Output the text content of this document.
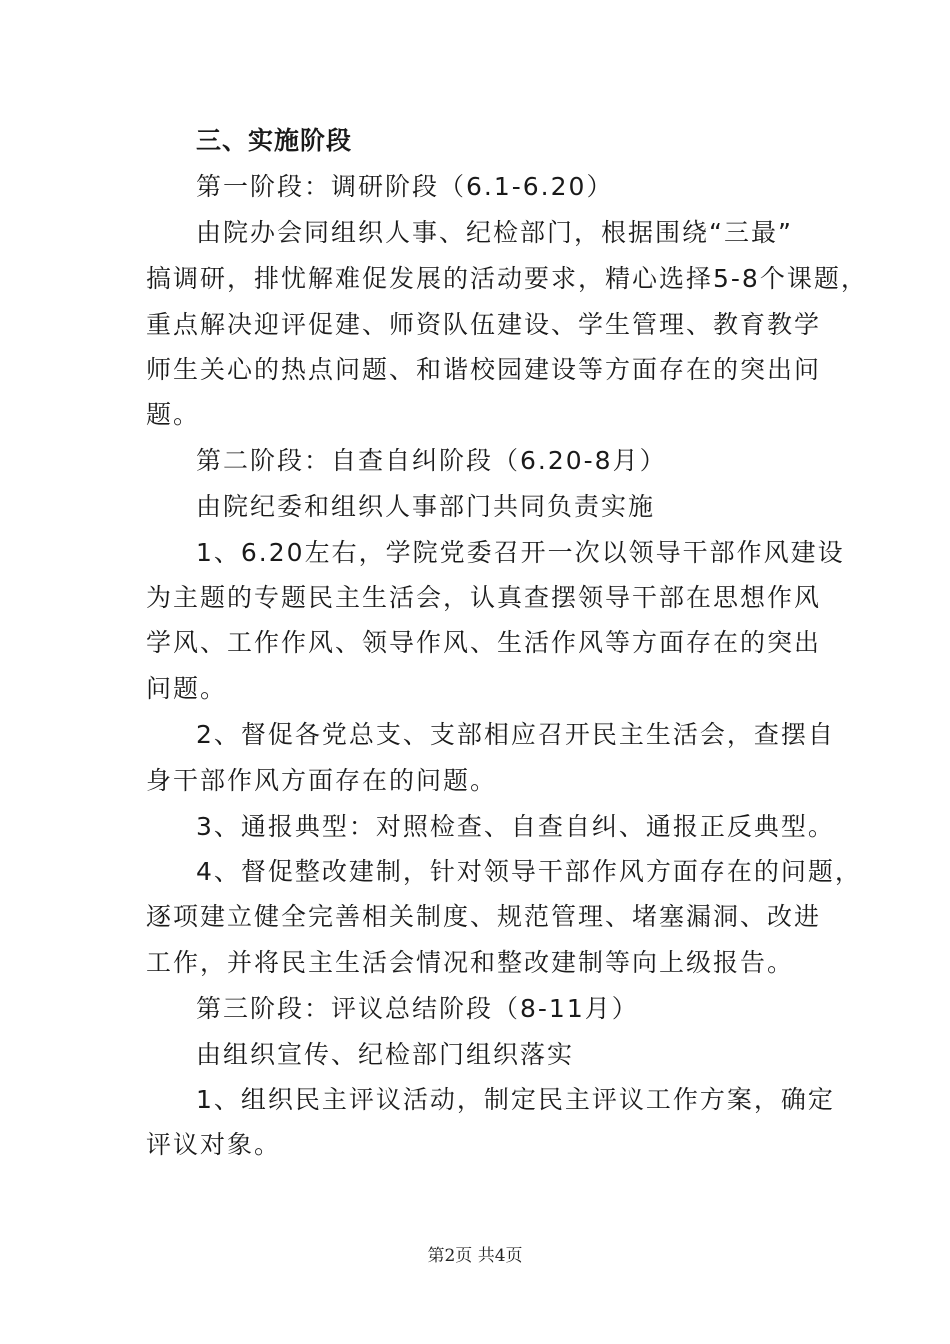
三、实施阶段
第一阶段：调研阶段（6.1-6.20）
由院办会同组织人事、纪检部门，根据围绕“三最”
搞调研，排忧解难促发展的活动要求，精心选择5-8个课题，
重点解决迎评促建、师资队伍建设、学生管理、教育教学
师生关心的热点问题、和谐校园建设等方面存在的突出问
题。
第二阶段：自查自纠阶段（6.20-8月）
由院纪委和组织人事部门共同负责实施
1、6.20左右，学院党委召开一次以领导干部作风建设
为主题的专题民主生活会，认真查摆领导干部在思想作风
学风、工作作风、领导作风、生活作风等方面存在的突出
问题。
2、督促各党总支、支部相应召开民主生活会，查摆自
身干部作风方面存在的问题。
3、通报典型：对照检查、自查自纠、通报正反典型。
4、督促整改建制，针对领导干部作风方面存在的问题，
逐项建立健全完善相关制度、规范管理、堵塞漏洞、改进
工作，并将民主生活会情况和整改建制等向上级报告。
第三阶段：评议总结阶段（8-11月）
由组织宣传、纪检部门组织落实
1、组织民主评议活动，制定民主评议工作方案，确定
评议对象。
第2页 共4页
